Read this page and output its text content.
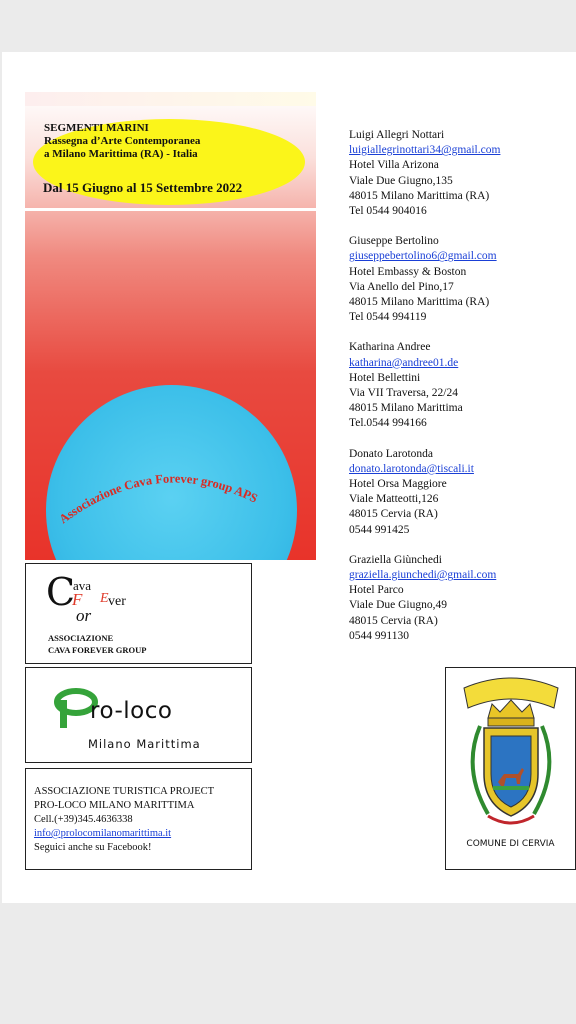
SEGMENTI MARINI
Rassegna d’Arte Contemporanea
a Milano Marittima (RA) - Italia
Dal 15 Giugno al 15 Settembre 2022
Associazione Cava Forever group APS
C
ava
F
or
E ver
ASSOCIAZIONE
CAVA FOREVER GROUP
ro-loco
Milano Marittima
ASSOCIAZIONE TURISTICA PROJECT
PRO-LOCO MILANO MARITTIMA
Cell.(+39)345.4636338
info@prolocomilanomarittima.it
Seguici anche su Facebook!
Luigi Allegri Nottari
luigiallegrinottari34@gmail.com
Hotel Villa Arizona
Viale Due Giugno,135
48015 Milano Marittima (RA)
Tel 0544 904016
Giuseppe Bertolino
giuseppebertolino6@gmail.com
Hotel Embassy & Boston
Via Anello del Pino,17
48015 Milano Marittima (RA)
Tel 0544 994119
Katharina Andree
katharina@andree01.de
Hotel Bellettini
Via VII Traversa, 22/24
48015 Milano Marittima
Tel.0544 994166
Donato Larotonda
donato.larotonda@tiscali.it
Hotel Orsa Maggiore
Viale Matteotti,126
48015 Cervia (RA)
0544 991425
Graziella Giùnchedi
graziella.giunchedi@gmail.com
Hotel Parco
Viale Due Giugno,49
48015 Cervia (RA)
0544 991130
COMUNE DI CERVIA
